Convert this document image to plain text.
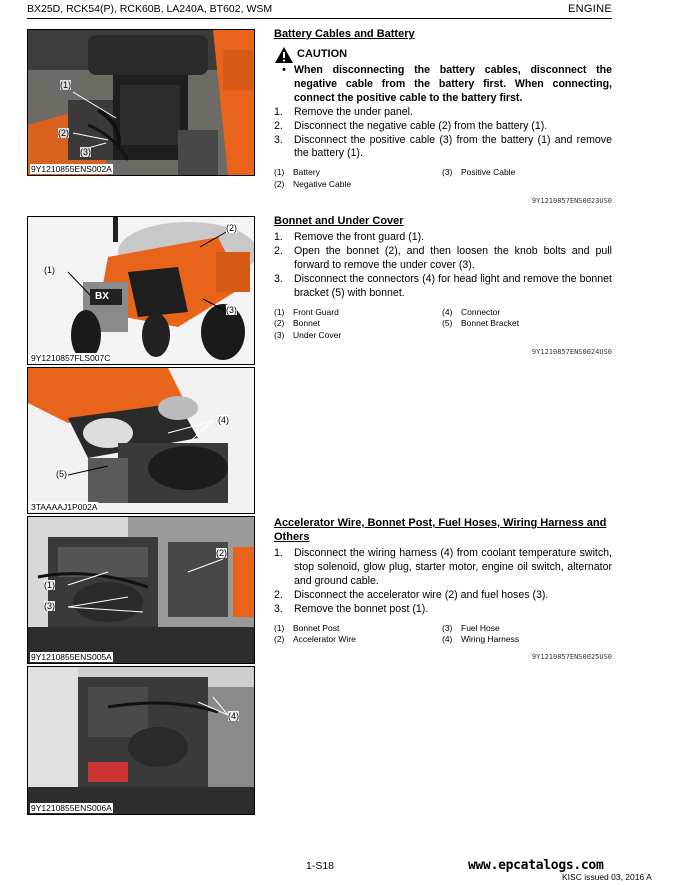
BX25D, RCK54(P), RCK60B, LA240A, BT602, WSM	ENGINE
(1)
(2)
(3)
9Y1210855ENS002A
BX
(2)
(1)
(3)
9Y1210857FLS007C
(4)
(5)
3TAAAAJ1P002A
(2)
(1)
(3)
9Y1210855ENS005A
(4)
9Y1210855ENS006A
Battery Cables and Battery
CAUTION
• When disconnecting the battery cables, disconnect the negative cable from the battery first. When connecting, connect the positive cable to the battery first.
1. Remove the under panel.
2. Disconnect the negative cable (2) from the battery (1).
3. Disconnect the positive cable (3) from the battery (1) and remove the battery (1).
(1) Battery	(3) Positive Cable
(2) Negative Cable
9Y1210857ENS0023US0
Bonnet and Under Cover
1. Remove the front guard (1).
2. Open the bonnet (2), and then loosen the knob bolts and pull forward to remove the under cover (3).
3. Disconnect the connectors (4) for head light and remove the bonnet bracket (5) with bonnet.
(1) Front Guard	(4) Connector
(2) Bonnet	(5) Bonnet Bracket
(3) Under Cover
9Y1210857ENS0024US0
Accelerator Wire, Bonnet Post, Fuel Hoses, Wiring Harness and Others
1. Disconnect the wiring harness (4) from coolant temperature switch, stop solenoid, glow plug, starter motor, engine oil switch, alternator and ground cable.
2. Disconnect the accelerator wire (2) and fuel hoses (3).
3. Remove the bonnet post (1).
(1) Bonnet Post	(3) Fuel Hose
(2) Accelerator Wire	(4) Wiring Harness
9Y1210857ENS0025US0
1-S18	www.epcatalogs.com
KISC issued 03, 2016 A
